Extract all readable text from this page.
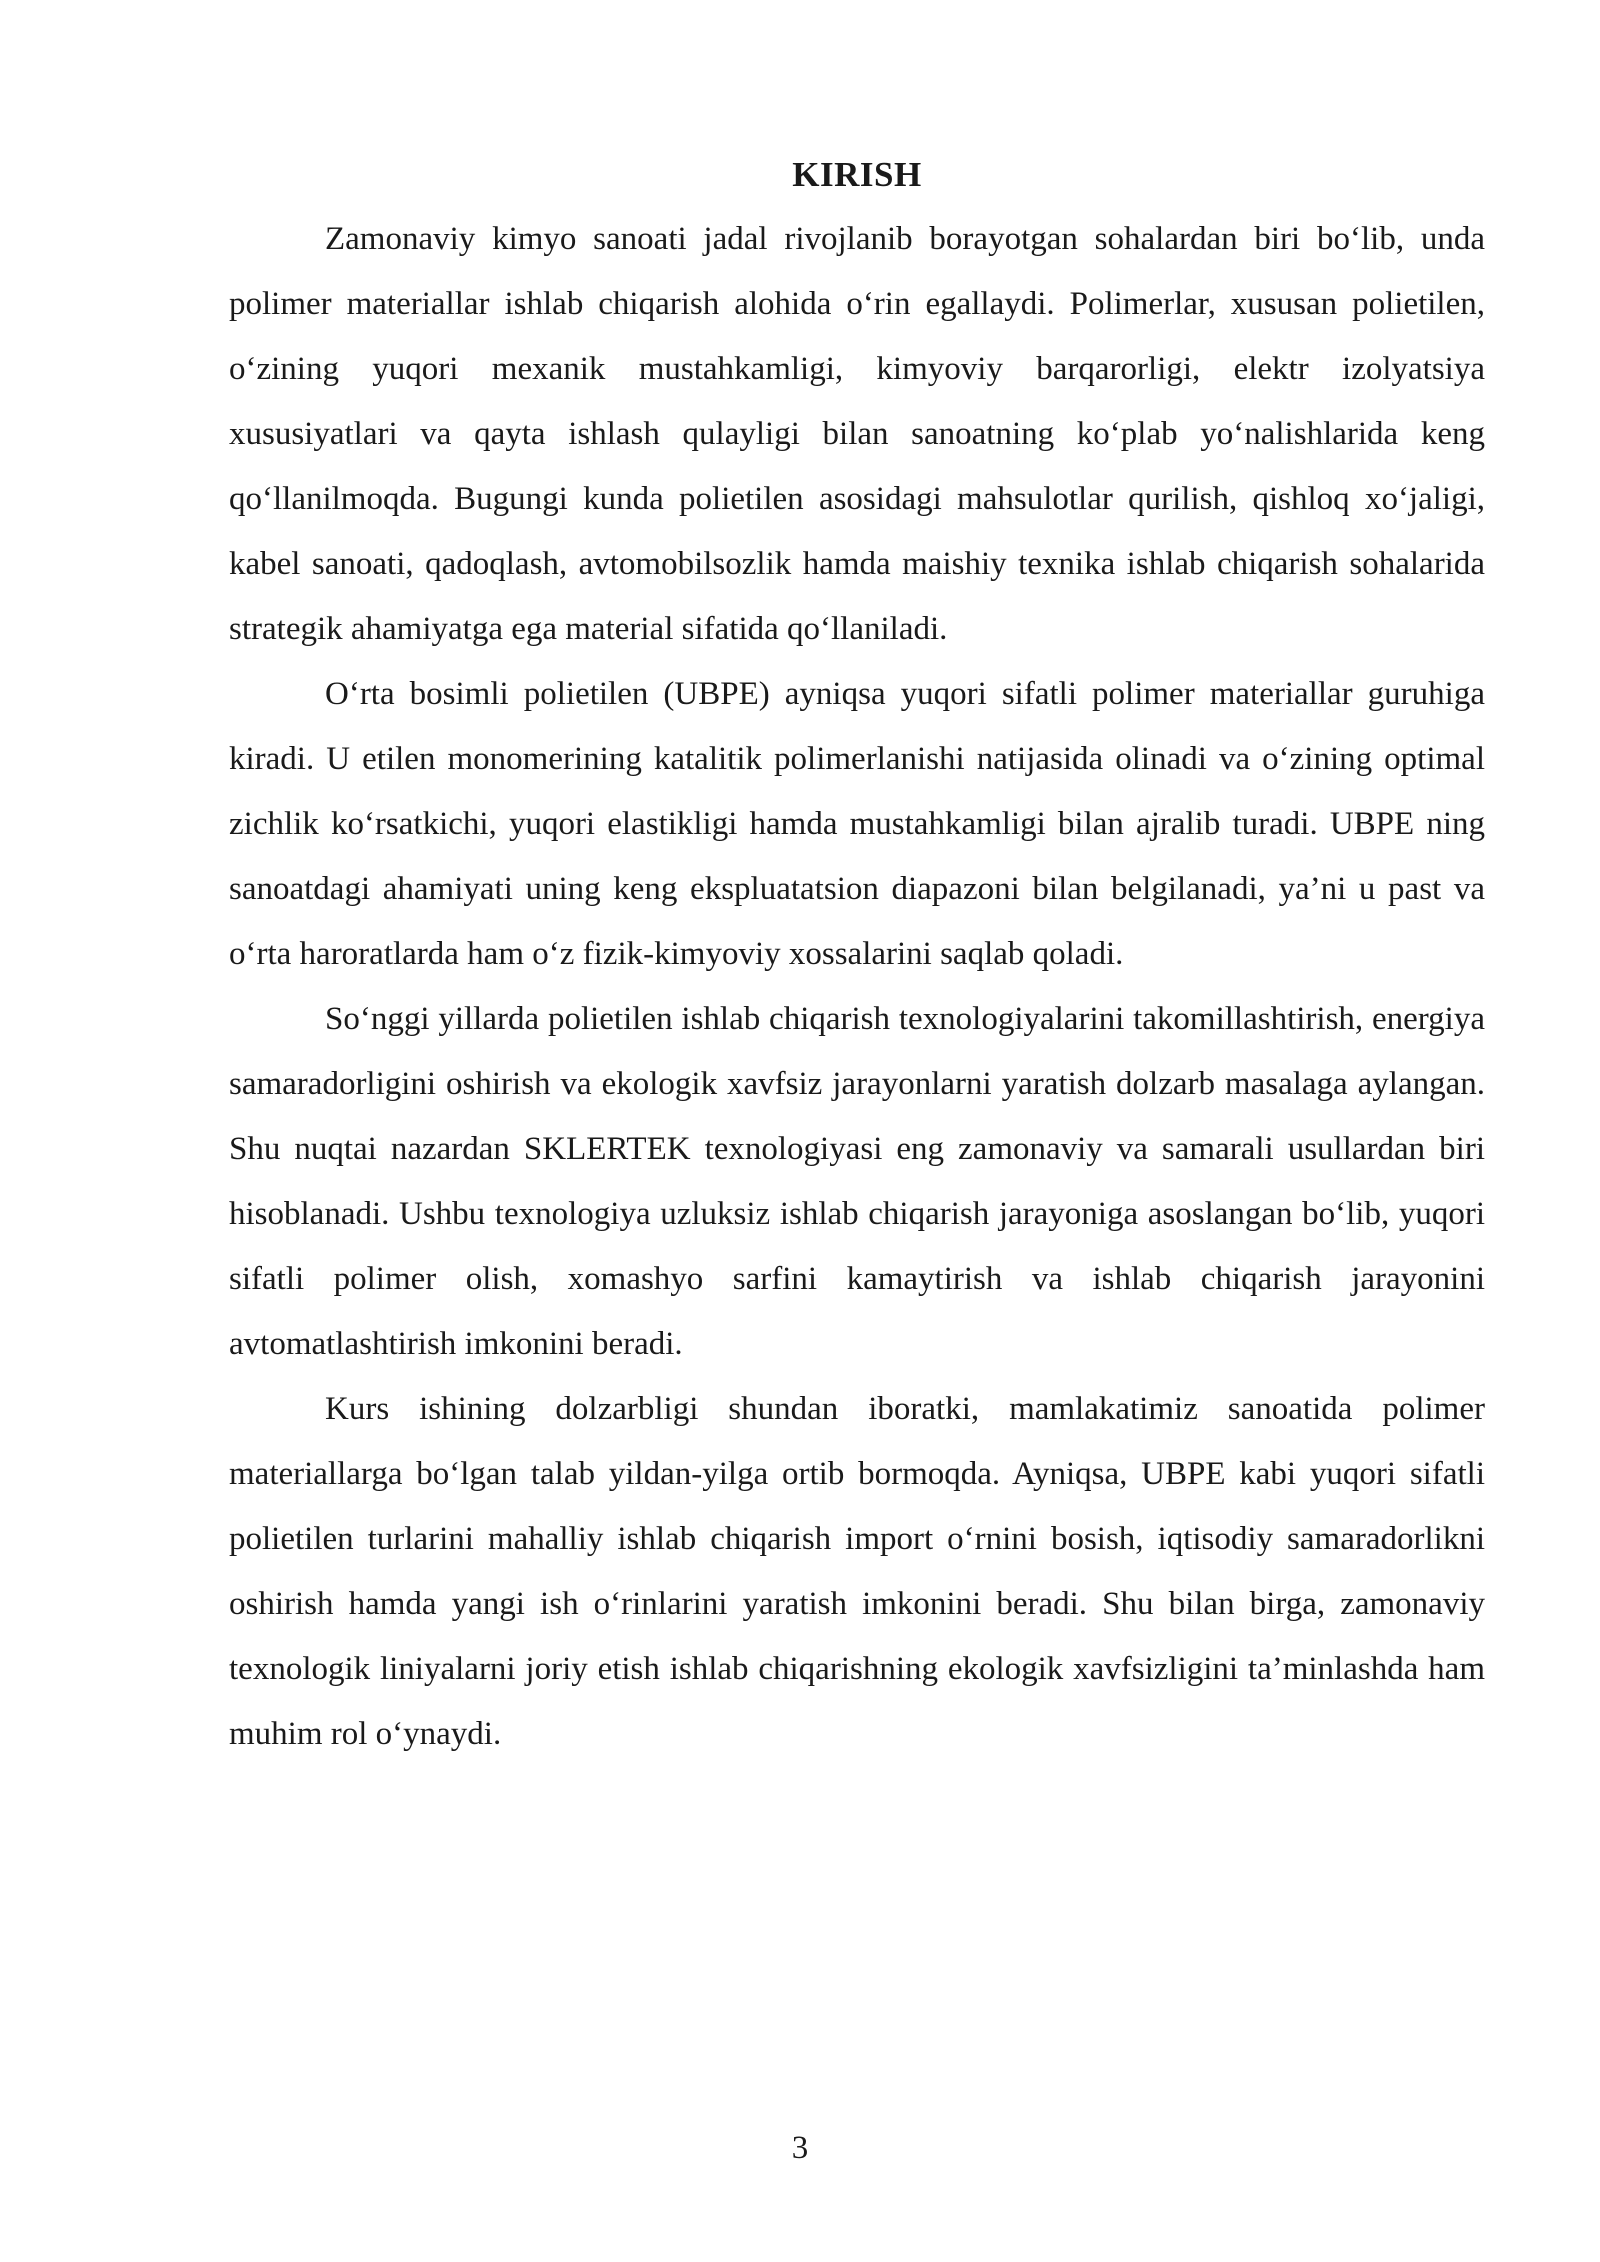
KIRISH

Zamonaviy kimyo sanoati jadal rivojlanib borayotgan sohalardan biri bo‘lib, unda polimer materiallar ishlab chiqarish alohida o‘rin egallaydi. Polimerlar, xususan polietilen, o‘zining yuqori mexanik mustahkamligi, kimyoviy barqarorligi, elektr izolyatsiya xususiyatlari va qayta ishlash qulayligi bilan sanoatning ko‘plab yo‘nalishlarida keng qo‘llanilmoqda. Bugungi kunda polietilen asosidagi mahsulotlar qurilish, qishloq xo‘jaligi, kabel sanoati, qadoqlash, avtomobilsozlik hamda maishiy texnika ishlab chiqarish sohalarida strategik ahamiyatga ega material sifatida qo‘llaniladi.

O‘rta bosimli polietilen (UBPE) ayniqsa yuqori sifatli polimer materiallar guruhiga kiradi. U etilen monomerining katalitik polimerlanishi natijasida olinadi va o‘zining optimal zichlik ko‘rsatkichi, yuqori elastikligi hamda mustahkamligi bilan ajralib turadi. UBPE ning sanoatdagi ahamiyati uning keng ekspluatatsion diapazoni bilan belgilanadi, ya’ni u past va o‘rta haroratlarda ham o‘z fizik-kimyoviy xossalarini saqlab qoladi.

So‘nggi yillarda polietilen ishlab chiqarish texnologiyalarini takomillashtirish, energiya samaradorligini oshirish va ekologik xavfsiz jarayonlarni yaratish dolzarb masalaga aylangan. Shu nuqtai nazardan SKLERTEK texnologiyasi eng zamonaviy va samarali usullardan biri hisoblanadi. Ushbu texnologiya uzluksiz ishlab chiqarish jarayoniga asoslangan bo‘lib, yuqori sifatli polimer olish, xomashyo sarfini kamaytirish va ishlab chiqarish jarayonini avtomatlashtirish imkonini beradi.

Kurs ishining dolzarbligi shundan iboratki, mamlakatimiz sanoatida polimer materiallarga bo‘lgan talab yildan-yilga ortib bormoqda. Ayniqsa, UBPE kabi yuqori sifatli polietilen turlarini mahalliy ishlab chiqarish import o‘rnini bosish, iqtisodiy samaradorlikni oshirish hamda yangi ish o‘rinlarini yaratish imkonini beradi. Shu bilan birga, zamonaviy texnologik liniyalarni joriy etish ishlab chiqarishning ekologik xavfsizligini ta’minlashda ham muhim rol o‘ynaydi.

3
